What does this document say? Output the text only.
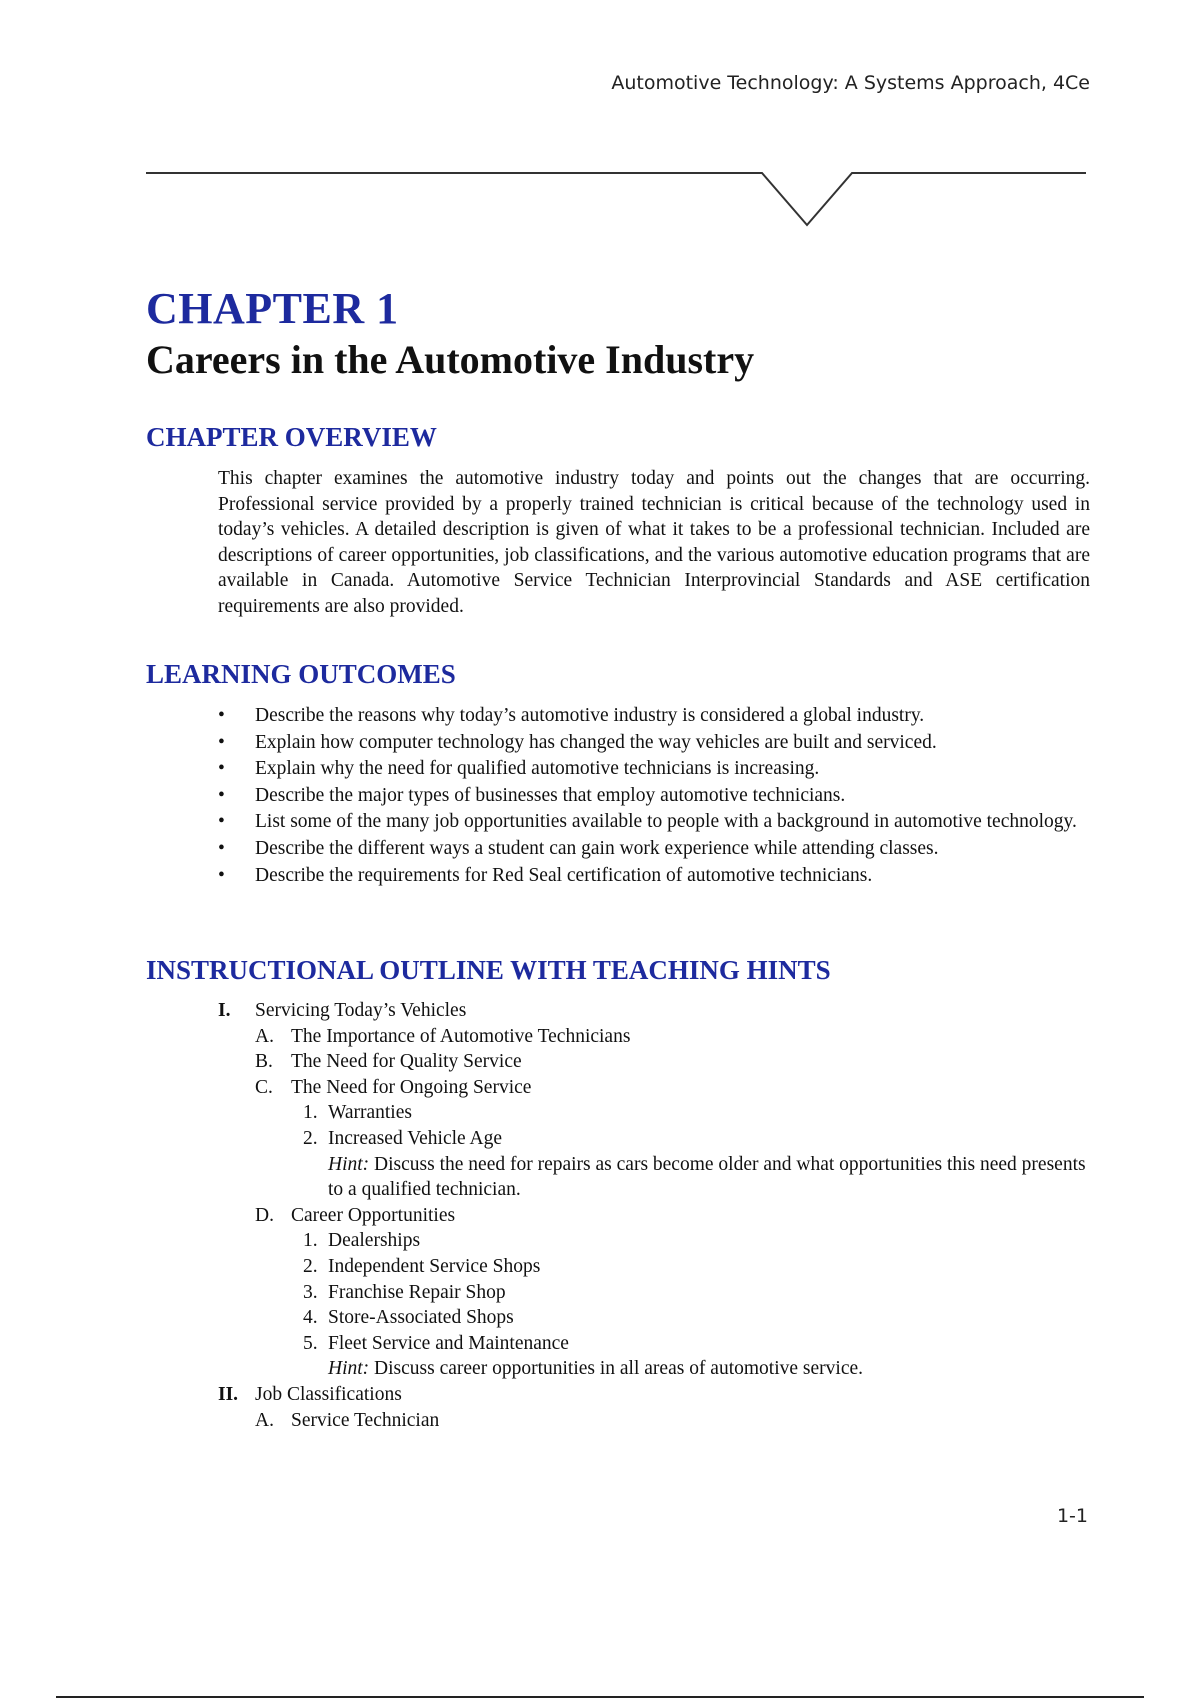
Automotive Technology: A Systems Approach, 4Ce
CHAPTER 1
Careers in the Automotive Industry
CHAPTER OVERVIEW

This chapter examines the automotive industry today and points out the changes that are occurring. Professional service provided by a properly trained technician is critical because of the technology used in today’s vehicles. A detailed description is given of what it takes to be a professional technician. Included are descriptions of career opportunities, job classifications, and the various automotive education programs that are available in Canada. Automotive Service Technician Interprovincial Standards and ASE certification requirements are also provided.

LEARNING OUTCOMES
• Describe the reasons why today’s automotive industry is considered a global industry.
• Explain how computer technology has changed the way vehicles are built and serviced.
• Explain why the need for qualified automotive technicians is increasing.
• Describe the major types of businesses that employ automotive technicians.
• List some of the many job opportunities available to people with a background in automotive technology.
• Describe the different ways a student can gain work experience while attending classes.
• Describe the requirements for Red Seal certification of automotive technicians.
INSTRUCTIONAL OUTLINE WITH TEACHING HINTS
I. Servicing Today’s Vehicles
A. The Importance of Automotive Technicians
B. The Need for Quality Service
C. The Need for Ongoing Service
1. Warranties
2. Increased Vehicle Age
Hint: Discuss the need for repairs as cars become older and what opportunities this need presents to a qualified technician.
D. Career Opportunities
1. Dealerships
2. Independent Service Shops
3. Franchise Repair Shop
4. Store-Associated Shops
5. Fleet Service and Maintenance
Hint: Discuss career opportunities in all areas of automotive service.
II. Job Classifications
A. Service Technician
1-1
